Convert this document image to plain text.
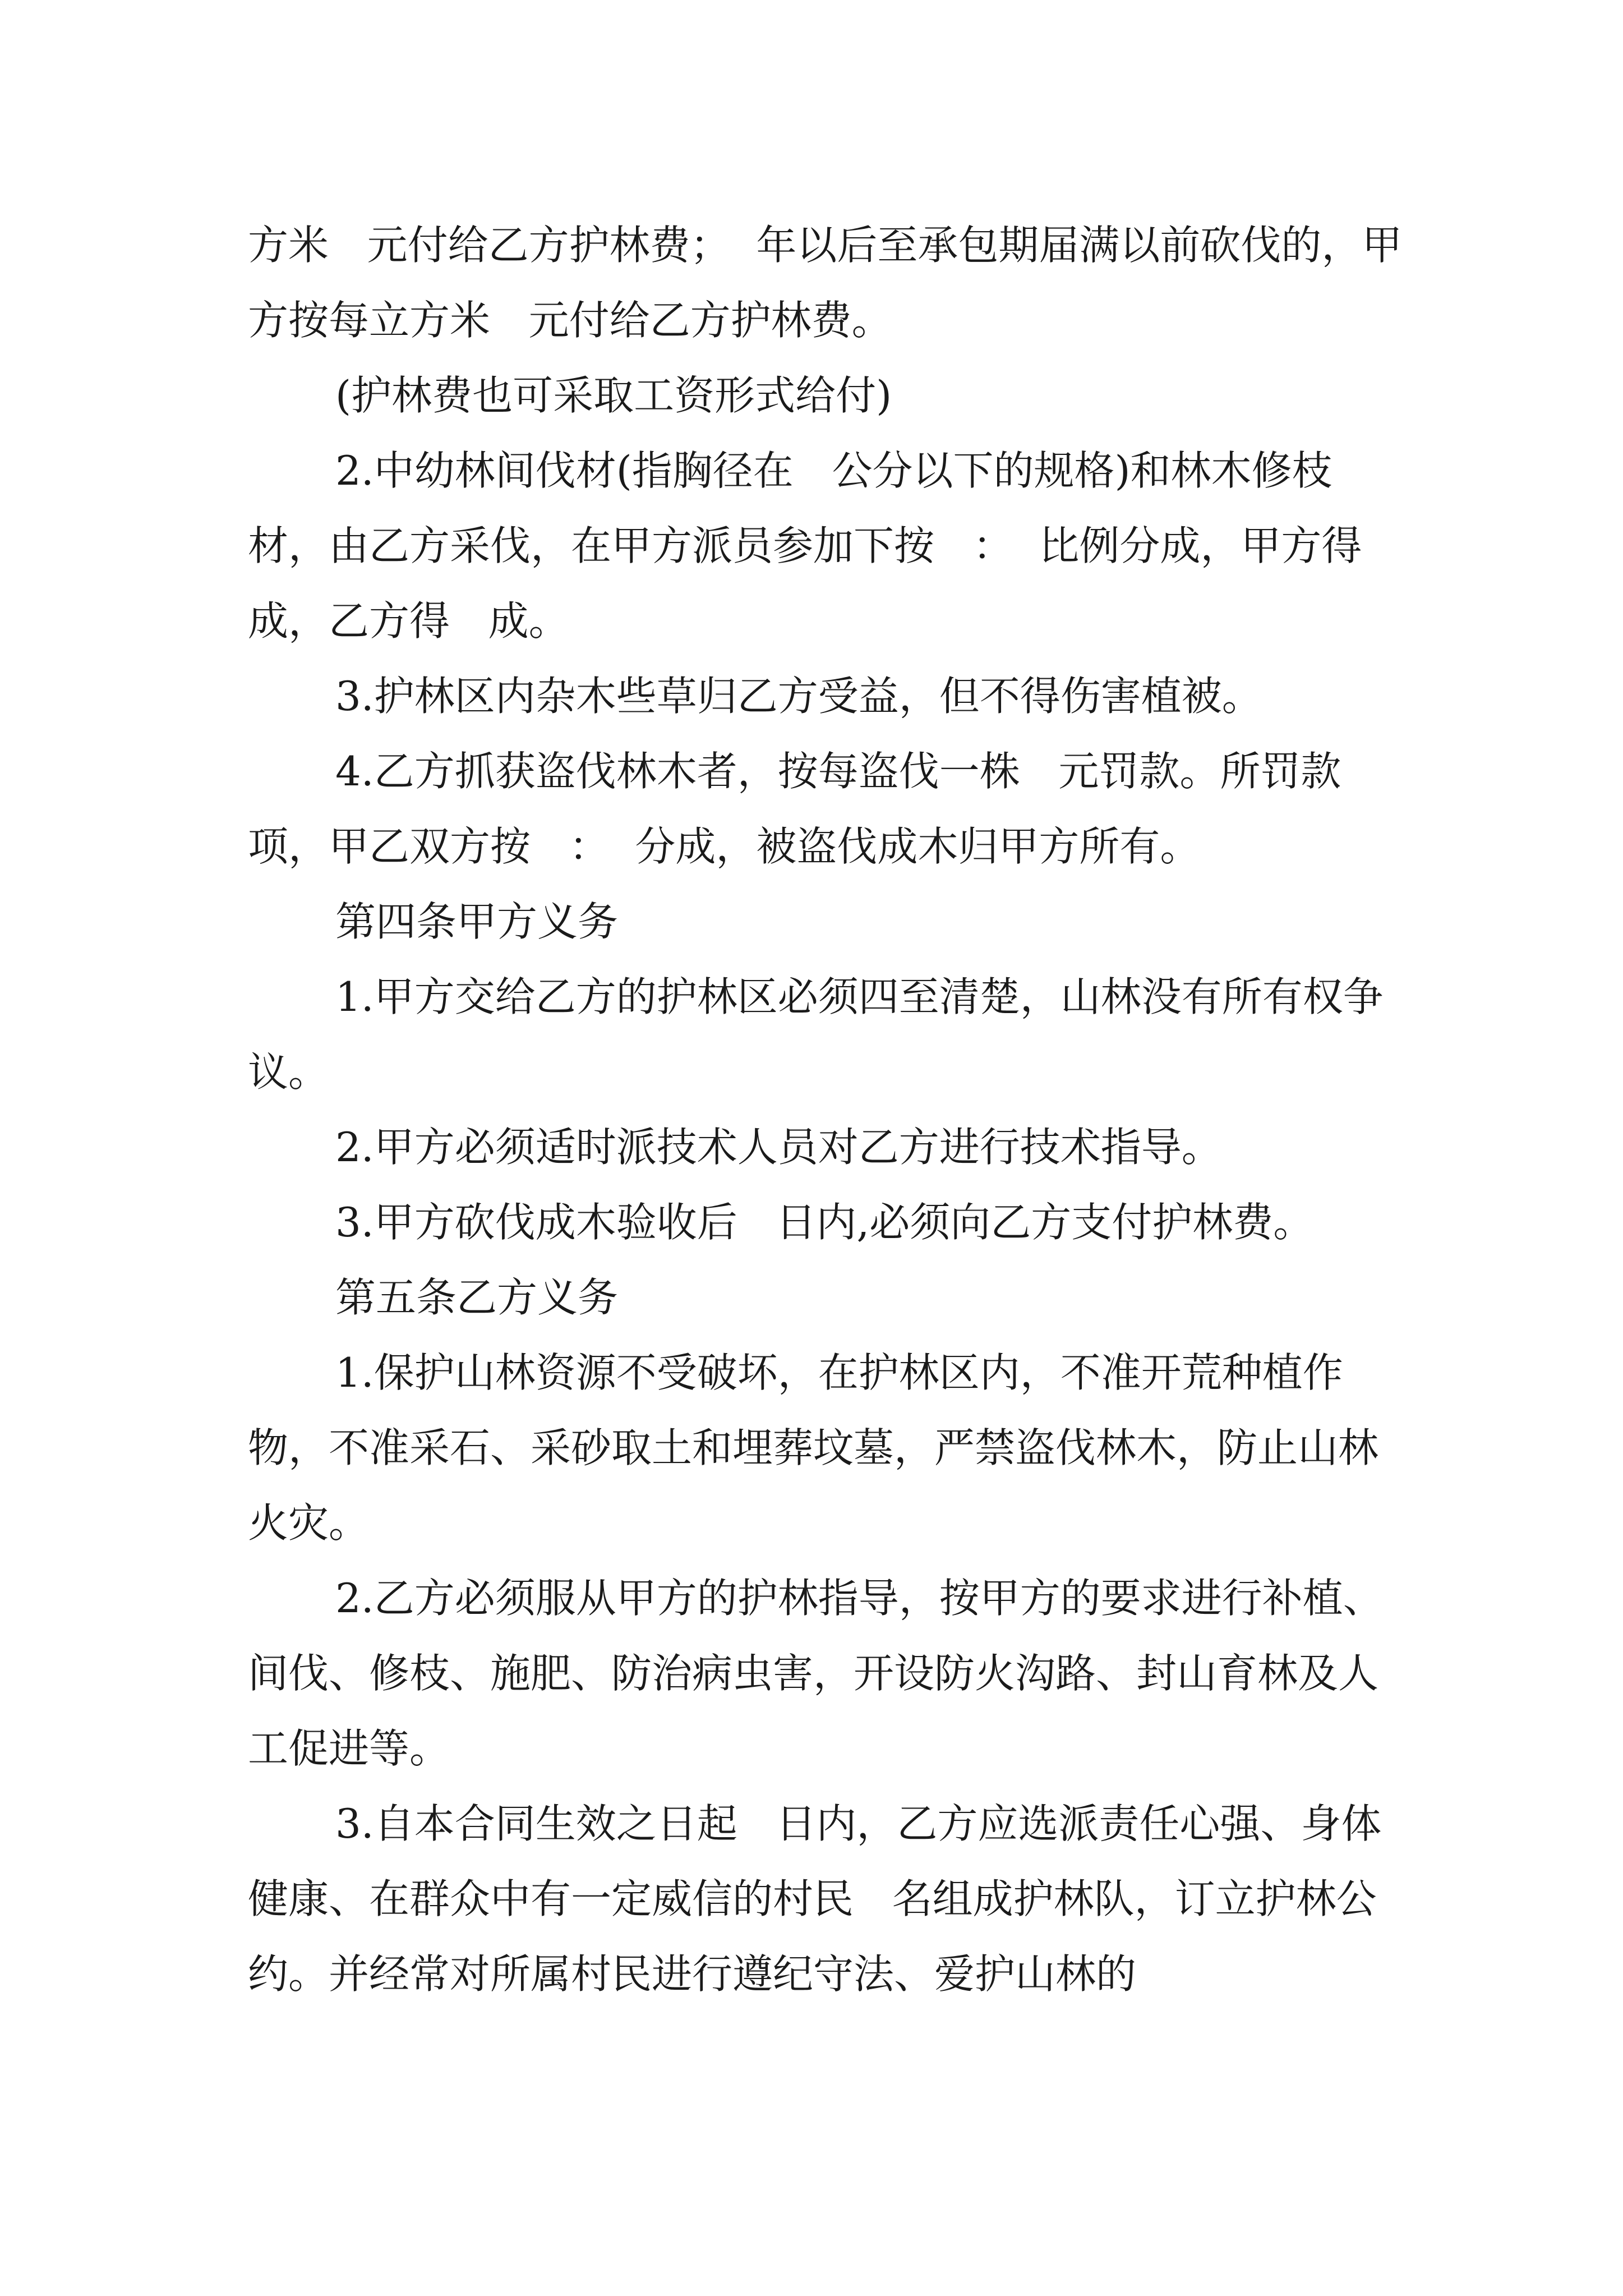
方米   元付给乙方护林费；  年以后至承包期届满以前砍伐的，甲方按每立方米   元付给乙方护林费。

(护林费也可采取工资形式给付)

2.中幼林间伐材(指胸径在   公分以下的规格)和林木修枝材，由乙方采伐，在甲方派员参加下按   ：  比例分成，甲方得   成，乙方得   成。

3.护林区内杂木些草归乙方受益，但不得伤害植被。

4.乙方抓获盗伐林木者，按每盗伐一株   元罚款。所罚款项，甲乙双方按   ：  分成，被盗伐成木归甲方所有。

第四条甲方义务

1.甲方交给乙方的护林区必须四至清楚，山林没有所有权争议。

2.甲方必须适时派技术人员对乙方进行技术指导。

3.甲方砍伐成木验收后   日内,必须向乙方支付护林费。

第五条乙方义务

1.保护山林资源不受破坏，在护林区内，不准开荒种植作物，不准采石、采砂取土和埋葬坟墓，严禁盗伐林木，防止山林火灾。

2.乙方必须服从甲方的护林指导，按甲方的要求进行补植、间伐、修枝、施肥、防治病虫害，开设防火沟路、封山育林及人工促进等。

3.自本合同生效之日起   日内，乙方应选派责任心强、身体健康、在群众中有一定威信的村民   名组成护林队，订立护林公约。并经常对所属村民进行遵纪守法、爱护山林的
